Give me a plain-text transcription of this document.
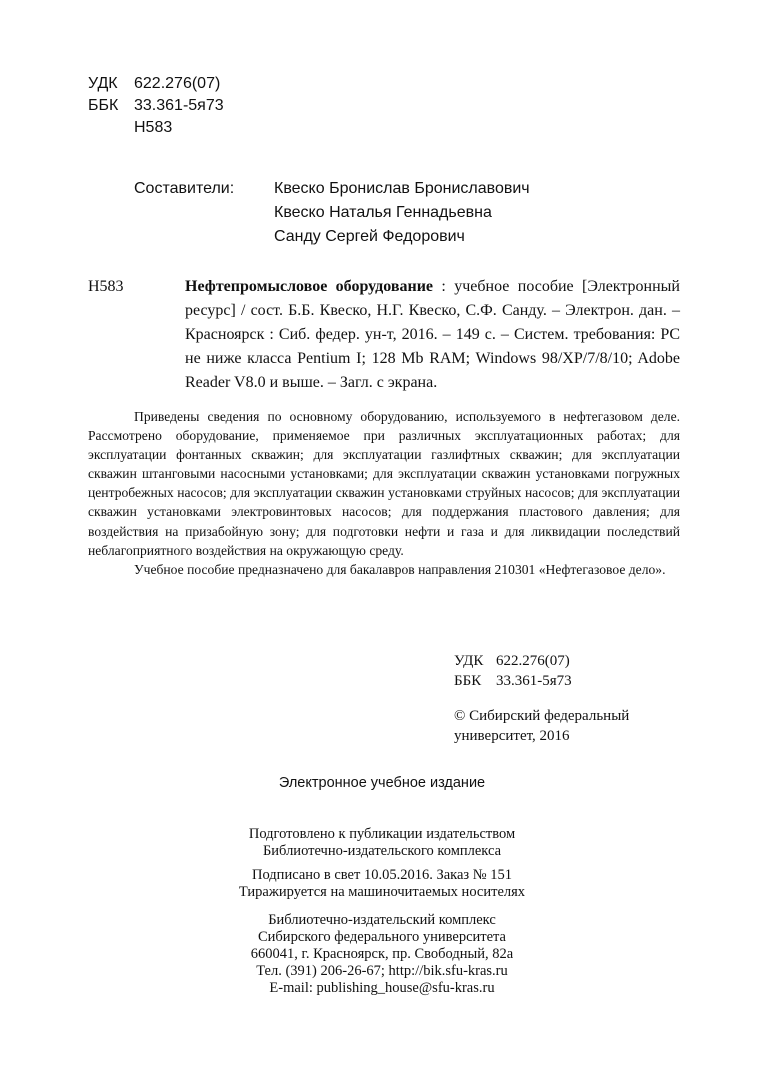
УДК	622.276(07)
ББК 33.361-5я73
Н583
Составители:	Квеско Бронислав Брониславович
Квеско Наталья Геннадьевна
Санду Сергей Федорович
Н583	Нефтепромысловое оборудование : учебное пособие [Электронный ресурс] / сост. Б.Б. Квеско, Н.Г. Квеско, С.Ф. Санду. – Электрон. дан. – Красноярск : Сиб. федер. ун-т, 2016. – 149 с. – Систем. требования: PC не ниже класса Pentium I; 128 Mb RAM; Windows 98/XP/7/8/10; Adobe Reader V8.0 и выше. – Загл. с экрана.

Приведены сведения по основному оборудованию, используемого в нефтегазовом деле. Рассмотрено оборудование, применяемое при различных эксплуатационных работах; для эксплуатации фонтанных скважин; для эксплуатации газлифтных скважин; для эксплуатации скважин штанговыми насосными установками; для эксплуатации скважин установками погружных центробежных насосов; для эксплуатации скважин установками струйных насосов; для эксплуатации скважин установками электровинтовых насосов; для поддержания пластового давления; для воздействия на призабойную зону; для подготовки нефти и газа и для ликвидации последствий неблагоприятного воздействия на окружающую среду.

Учебное пособие предназначено для бакалавров направления 210301 «Нефтегазовое дело».

УДК 622.276(07)
ББК 33.361-5я73
© Сибирский федеральный
университет, 2016
Электронное учебное издание
Подготовлено к публикации издательством
Библиотечно-издательского комплекса
Подписано в свет 10.05.2016. Заказ № 151
Тиражируется на машиночитаемых носителях
Библиотечно-издательский комплекс
Сибирского федерального университета
660041, г. Красноярск, пр. Свободный, 82а
Тел. (391) 206-26-67; http://bik.sfu-kras.ru
E-mail: publishing_house@sfu-kras.ru
